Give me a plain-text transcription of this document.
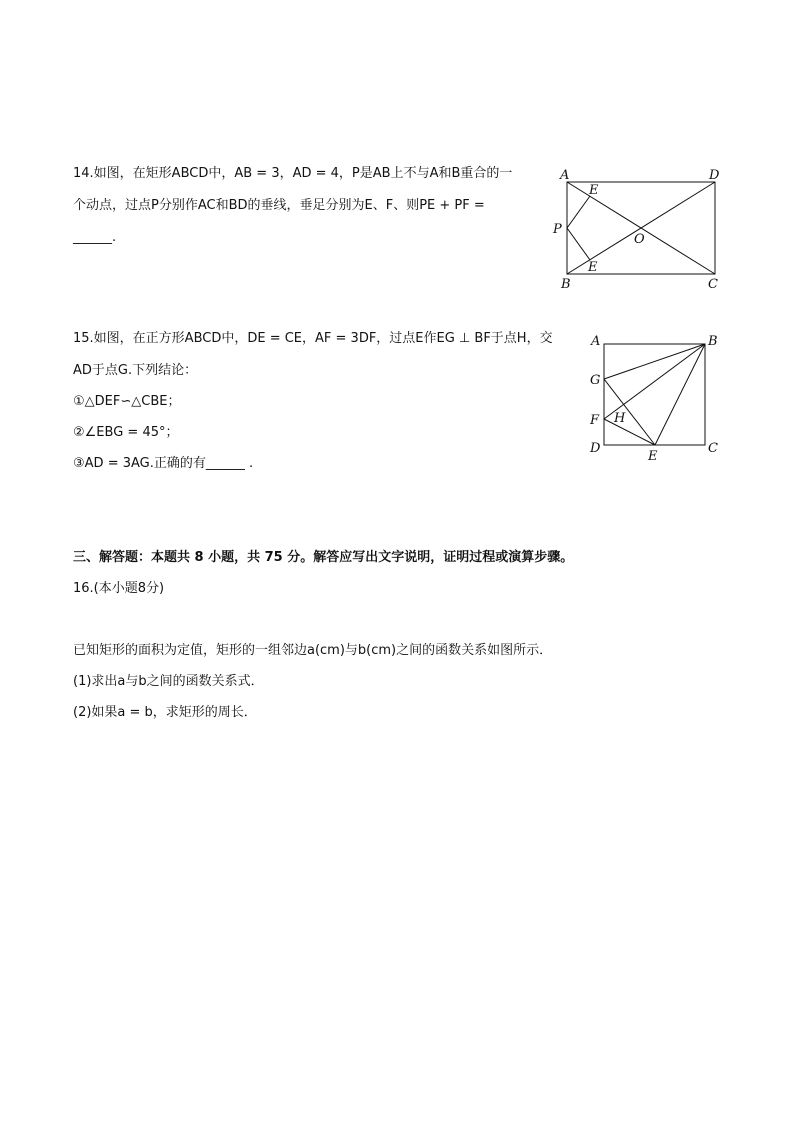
14.如图，在矩形ABCD中，AB = 3，AD = 4，P是AB上不与A和B重合的一
个动点，过点P分别作AC和BD的垂线，垂足分别为E、F、则PE + PF =
______.
A	D
E
P
O
E
B	C
15.如图，在正方形ABCD中，DE = CE，AF = 3DF，过点E作EG ⊥ BF于点H，交
AD于点G.下列结论：
①△DEF∽△CBE；
②∠EBG = 45°；
③AD = 3AG.正确的有______ .
A	B
G
F H
D
E
C
三、解答题：本题共 8 小题，共 75 分。解答应写出文字说明，证明过程或演算步骤。
16.(本小题8分)
已知矩形的面积为定值，矩形的一组邻边a(cm)与b(cm)之间的函数关系如图所示．
(1)求出a与b之间的函数关系式．
(2)如果a = b，求矩形的周长．
